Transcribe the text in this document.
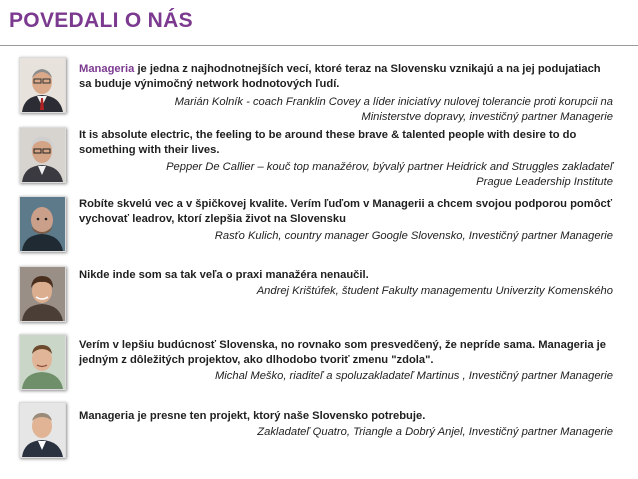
POVEDALI O NÁS
Manageria je jedna z najhodnotnejších vecí, ktoré teraz na Slovensku vznikajú a na jej podujatiach sa buduje výnimočný network hodnotových ľudí.
Marián Kolník - coach Franklin Covey a líder iniciatívy nulovej tolerancie proti korupcii na
Ministerstve dopravy, investičný partner Managerie
It is absolute electric, the feeling to be around these brave & talented people with desire to do something with their lives.
Pepper De Callier – kouč top manažérov, bývalý partner Heidrick and Struggles zakladateľ
Prague Leadership Institute
Robíte skvelú vec a v špičkovej kvalite. Verím ľuďom v Managerii a chcem svojou podporou pomôcť vychovať leadrov, ktorí zlepšia život na Slovensku
Rasťo Kulich, country manager Google Slovensko, Investičný partner Managerie
Nikde inde som sa tak veľa o praxi manažéra nenaučil.
Andrej Krištúfek, študent Fakulty managementu Univerzity Komenského
Verím v lepšiu budúcnosť Slovenska, no rovnako som presvedčený, že nepríde sama. Manageria je jedným z dôležitých projektov, ako dlhodobo tvoriť zmenu "zdola".
Michal Meško, riaditeľ a spoluzakladateľ Martinus , Investičný partner Managerie
Manageria je presne ten projekt, ktorý naše Slovensko potrebuje.
Zakladateľ Quatro, Triangle a Dobrý Anjel, Investičný partner Managerie
